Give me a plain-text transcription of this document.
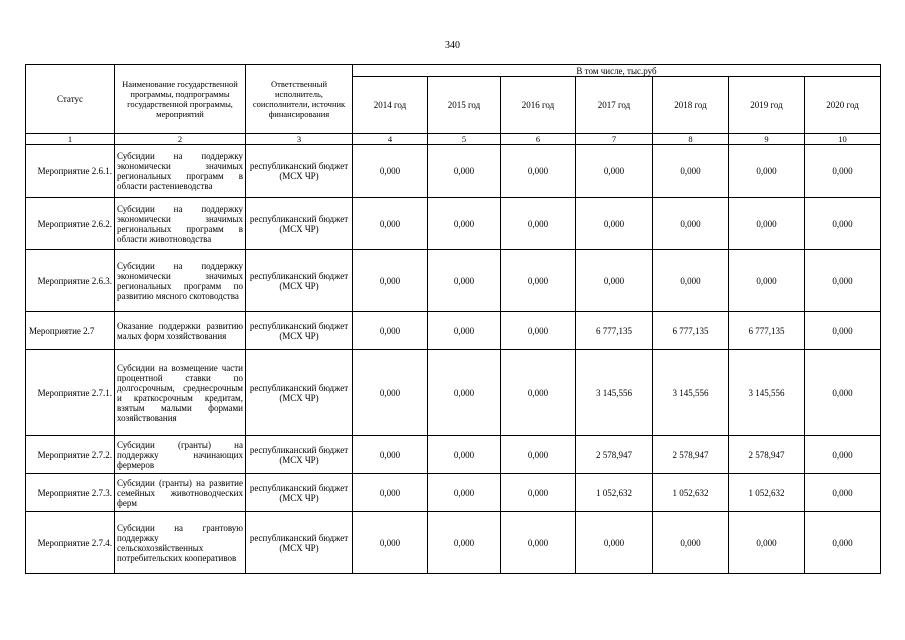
340
Статус	Наименование государственной программы, подпрограммы государственной программы, мероприятий	Ответственный исполнитель, соисполнители, источник финансирования	В том числе, тыс.руб						
			2014 год	2015 год	2016 год	2017 год	2018 год	2019 год	2020 год
1	2	3	4	5	6	7	8	9	10
Мероприятие 2.6.1.	Субсидии на поддержку экономически значимых региональных программ в области растениеводства	республиканский бюджет (МСХ ЧР)	0,000	0,000	0,000	0,000	0,000	0,000	0,000
Мероприятие 2.6.2.	Субсидии на поддержку экономически значимых региональных программ в области животноводства	республиканский бюджет (МСХ ЧР)	0,000	0,000	0,000	0,000	0,000	0,000	0,000
Мероприятие 2.6.3.	Субсидии на поддержку экономически значимых региональных программ по развитию мясного скотоводства	республиканский бюджет (МСХ ЧР)	0,000	0,000	0,000	0,000	0,000	0,000	0,000
Мероприятие 2.7	Оказание поддержки развитию малых форм хозяйствования	республиканский бюджет (МСХ ЧР)	0,000	0,000	0,000	6 777,135	6 777,135	6 777,135	0,000
Мероприятие 2.7.1.	Субсидии на возмещение части процентной ставки по долгосрочным, среднесрочным и краткосрочным кредитам, взятым малыми формами хозяйствования	республиканский бюджет (МСХ ЧР)	0,000	0,000	0,000	3 145,556	3 145,556	3 145,556	0,000
Мероприятие 2.7.2.	Субсидии (гранты) на поддержку начинающих фермеров	республиканский бюджет (МСХ ЧР)	0,000	0,000	0,000	2 578,947	2 578,947	2 578,947	0,000
Мероприятие 2.7.3.	Субсидии (гранты) на развитие семейных животноводческих ферм	республиканский бюджет (МСХ ЧР)	0,000	0,000	0,000	1 052,632	1 052,632	1 052,632	0,000
Мероприятие 2.7.4.	Субсидии на грантовую поддержку сельскохозяйственных потребительских кооперативов	республиканский бюджет (МСХ ЧР)	0,000	0,000	0,000	0,000	0,000	0,000	0,000
